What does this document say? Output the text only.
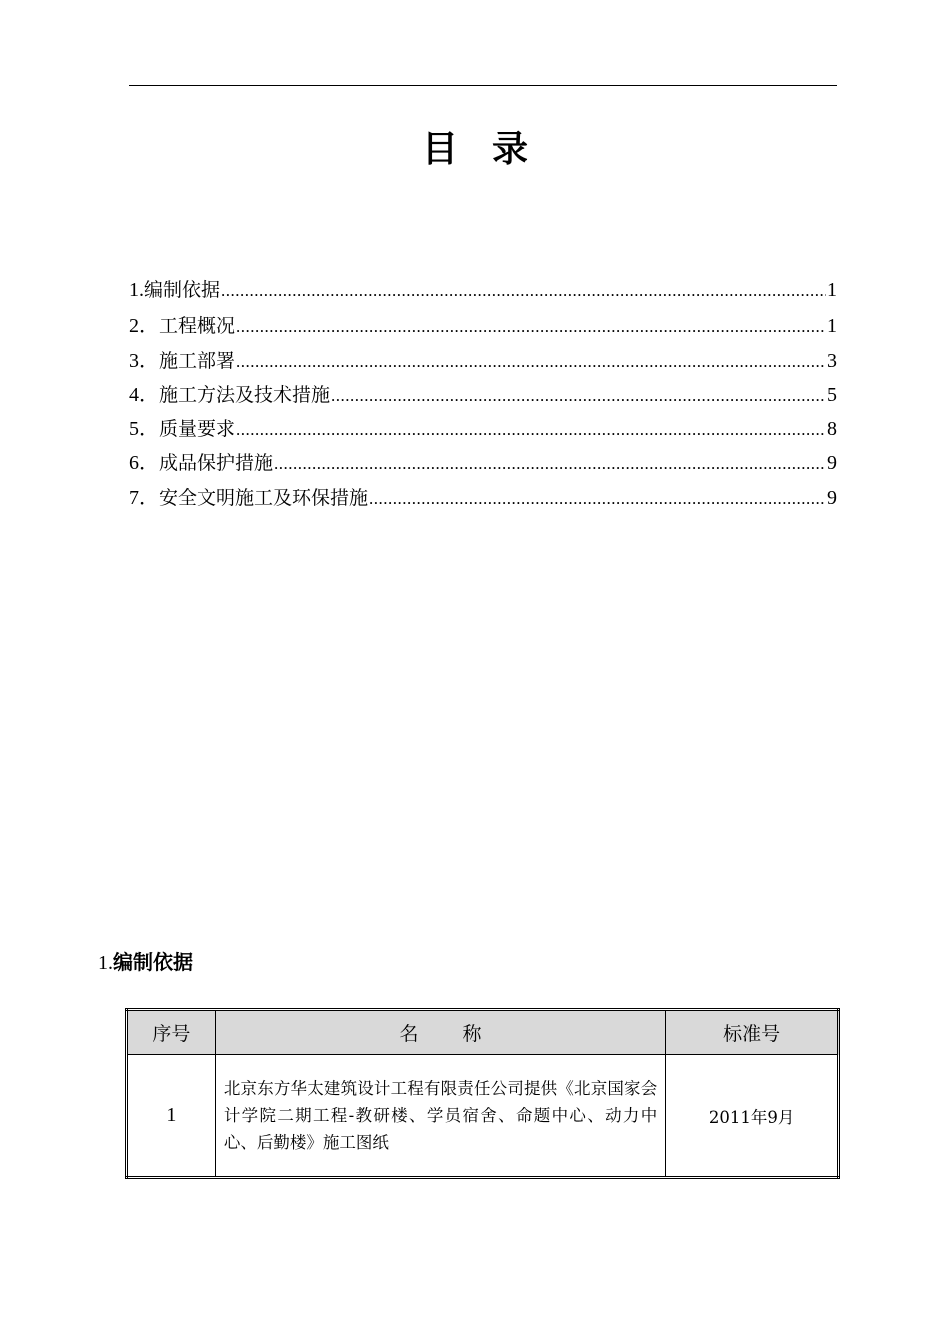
目录
1. 编制依据 .....	1
2． 工程概况 .....	1
3． 施工部署 .....	3
4． 施工方法及技术措施 .....	5
5． 质量要求 .....	8
6． 成品保护措施 .....	9
7． 安全文明施工及环保措施 .....	9
1.编制依据
序号	名称	标准号
1	北京东方华太建筑设计工程有限责任公司提供《北京国家会计学院二期工程-教研楼、学员宿舍、命题中心、动力中心、后勤楼》施工图纸	2011年9月
